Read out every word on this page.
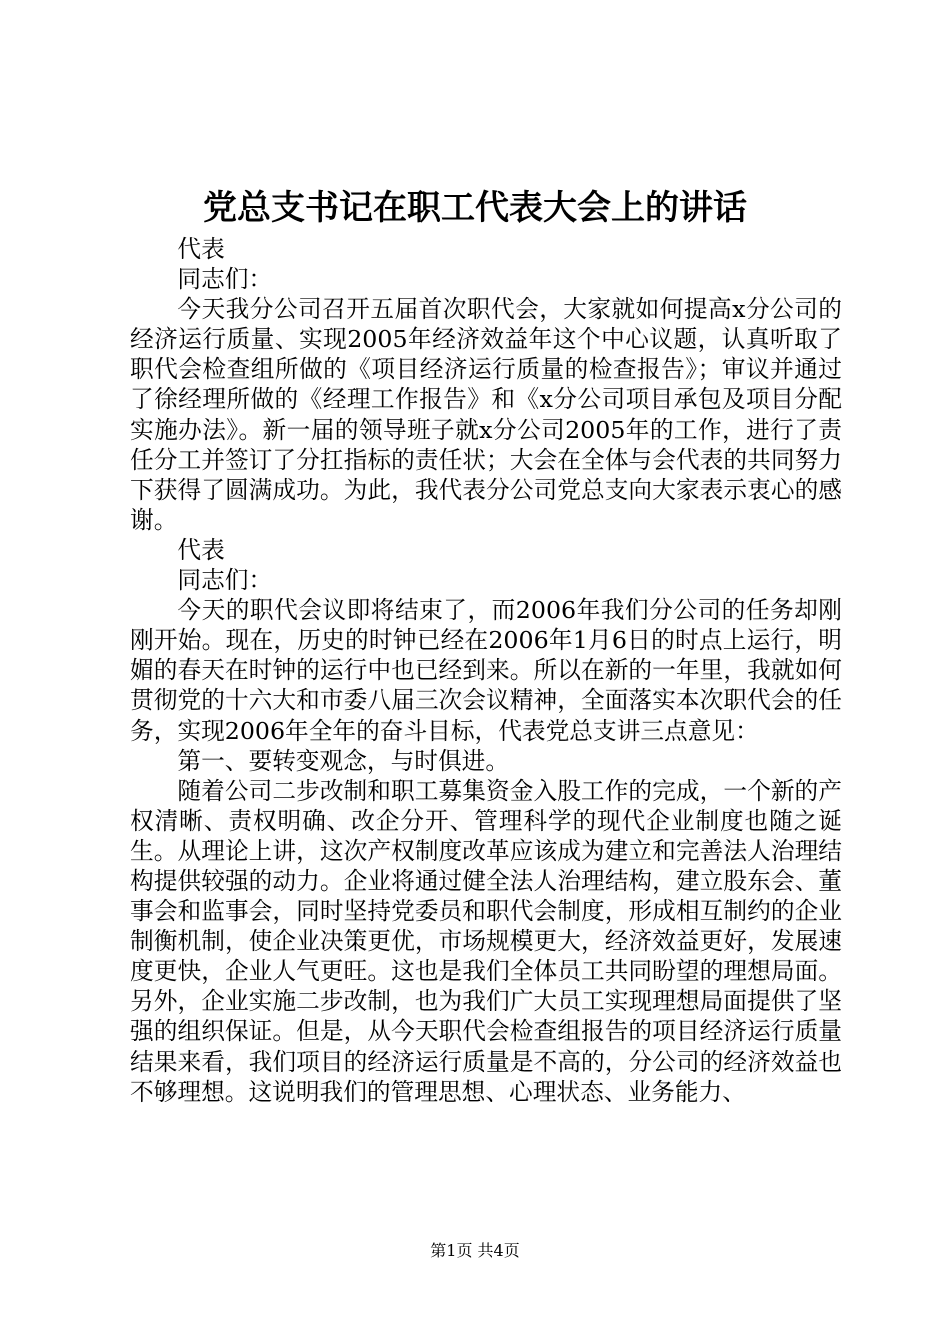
党总支书记在职工代表大会上的讲话

代表

同志们：

今天我分公司召开五届首次职代会，大家就如何提高x分公司的经济运行质量、实现2005年经济效益年这个中心议题，认真听取了职代会检查组所做的《项目经济运行质量的检查报告》；审议并通过了徐经理所做的《经理工作报告》和《x分公司项目承包及项目分配实施办法》。新一届的领导班子就x分公司2005年的工作，进行了责任分工并签订了分扛指标的责任状；大会在全体与会代表的共同努力下获得了圆满成功。为此，我代表分公司党总支向大家表示衷心的感谢。

代表

同志们：

今天的职代会议即将结束了，而2006年我们分公司的任务却刚刚开始。现在，历史的时钟已经在2006年1月6日的时点上运行，明媚的春天在时钟的运行中也已经到来。所以在新的一年里，我就如何贯彻党的十六大和市委八届三次会议精神，全面落实本次职代会的任务，实现2006年全年的奋斗目标，代表党总支讲三点意见：

第一、要转变观念，与时俱进。

随着公司二步改制和职工募集资金入股工作的完成，一个新的产权清晰、责权明确、改企分开、管理科学的现代企业制度也随之诞生。从理论上讲，这次产权制度改革应该成为建立和完善法人治理结构提供较强的动力。企业将通过健全法人治理结构，建立股东会、董事会和监事会，同时坚持党委员和职代会制度，形成相互制约的企业制衡机制，使企业决策更优，市场规模更大，经济效益更好，发展速度更快，企业人气更旺。这也是我们全体员工共同盼望的理想局面。另外，企业实施二步改制，也为我们广大员工实现理想局面提供了坚强的组织保证。但是，从今天职代会检查组报告的项目经济运行质量结果来看，我们项目的经济运行质量是不高的，分公司的经济效益也不够理想。这说明我们的管理思想、心理状态、业务能力、

第1页 共4页
